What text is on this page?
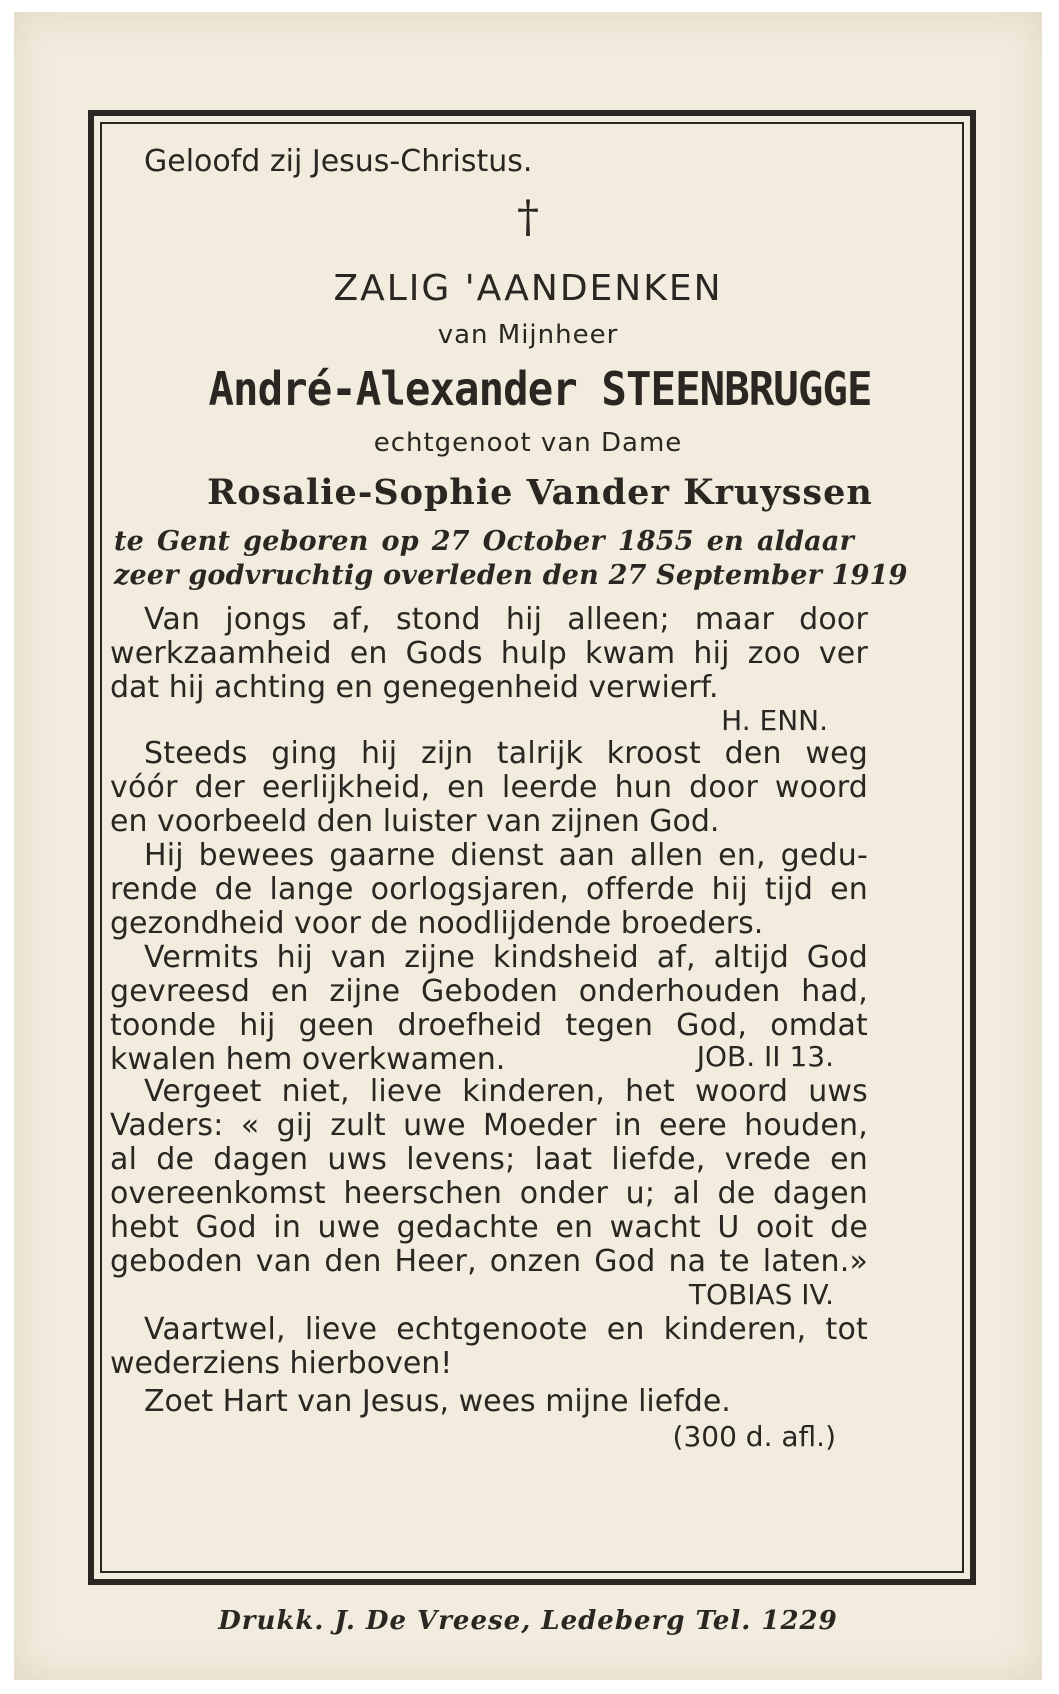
Geloofd zij Jesus-Christus.
†
ZALIG 'AANDENKEN
van Mijnheer
André-Alexander STEENBRUGGE
echtgenoot van Dame
Rosalie-Sophie Vander Kruyssen
te Gent geboren op 27 October 1855 en aldaar
zeer godvruchtig overleden den 27 September 1919
Van jongs af, stond hij alleen; maar door
werkzaamheid en Gods hulp kwam hij zoo ver
dat hij achting en genegenheid verwierf.
H. ENN.
Steeds ging hij zijn talrijk kroost den weg
vóór der eerlijkheid, en leerde hun door woord
en voorbeeld den luister van zijnen God.
Hij bewees gaarne dienst aan allen en, gedu-
rende de lange oorlogsjaren, offerde hij tijd en
gezondheid voor de noodlijdende broeders.
Vermits hij van zijne kindsheid af, altijd God
gevreesd en zijne Geboden onderhouden had,
toonde hij geen droefheid tegen God, omdat
kwalen hem overkwamen.	JOB. II 13.
Vergeet niet, lieve kinderen, het woord uws
Vaders: « gij zult uwe Moeder in eere houden,
al de dagen uws levens; laat liefde, vrede en
overeenkomst heerschen onder u; al de dagen
hebt God in uwe gedachte en wacht U ooit de
geboden van den Heer, onzen God na te laten.»
TOBIAS IV.
Vaartwel, lieve echtgenoote en kinderen, tot
wederziens hierboven!
Zoet Hart van Jesus, wees mijne liefde.
(300 d. afl.)
Drukk. J. De Vreese, Ledeberg Tel. 1229
